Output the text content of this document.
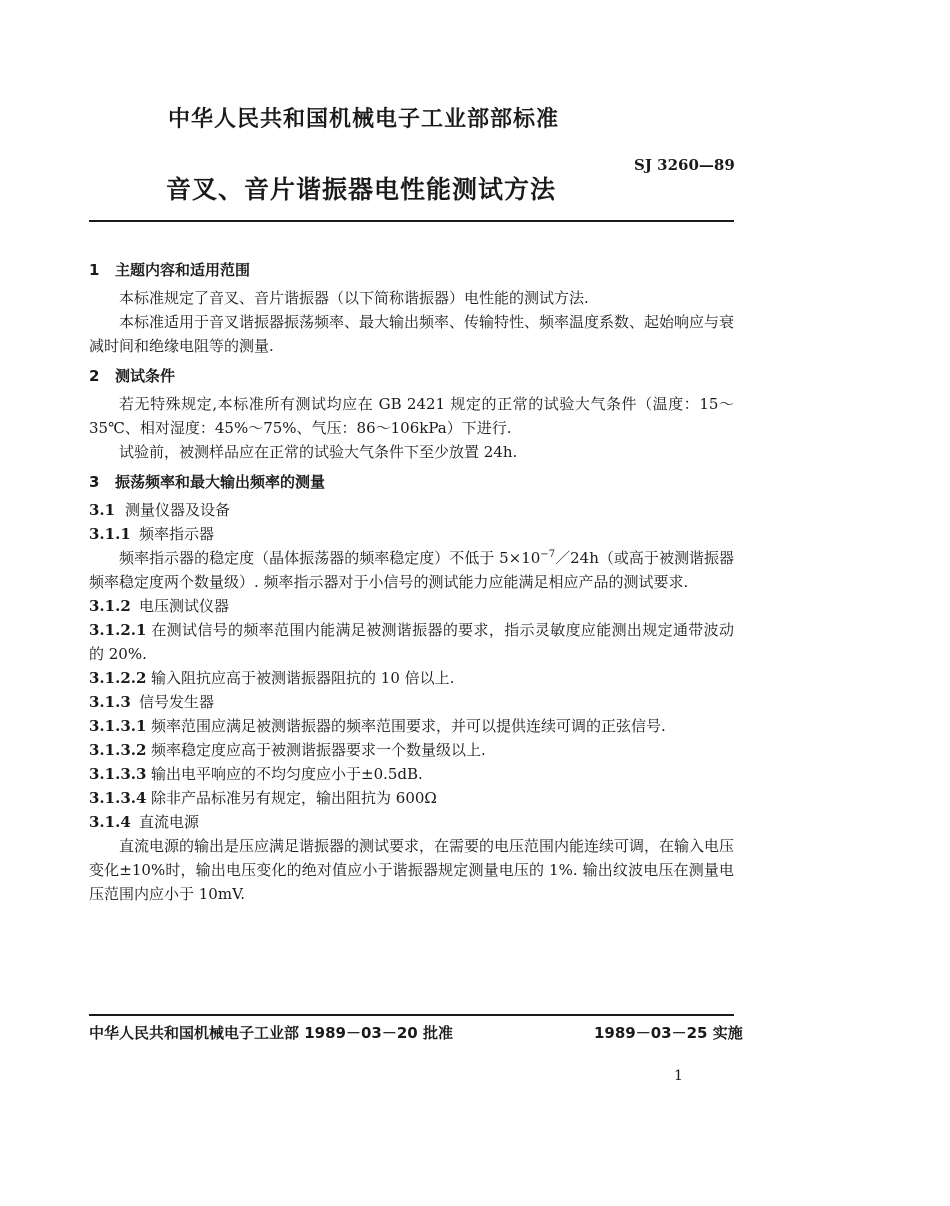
中华人民共和国机械电子工业部部标准
SJ 3260—89
音叉、音片谐振器电性能测试方法

1 主题内容和适用范围

本标准规定了音叉、音片谐振器（以下简称谐振器）电性能的测试方法.

本标准适用于音叉谐振器振荡频率、最大输出频率、传输特性、频率温度系数、起始响应与衰减时间和绝缘电阻等的测量.

2 测试条件

若无特殊规定,本标准所有测试均应在 GB 2421 规定的正常的试验大气条件（温度：15～35℃、相对湿度：45%～75%、气压：86～106kPa）下进行.

试验前，被测样品应在正常的试验大气条件下至少放置 24h.

3 振荡频率和最大输出频率的测量

3.1 测量仪器及设备

3.1.1 频率指示器

频率指示器的稳定度（晶体振荡器的频率稳定度）不低于 $5\times 10^{-7}/24h$（或高于被测谐振器频率稳定度两个数量级）. 频率指示器对于小信号的测试能力应能满足相应产品的测试要求.

3.1.2 电压测试仪器

3.1.2.1 在测试信号的频率范围内能满足被测谐振器的要求，指示灵敏度应能测出规定通带波动的 20%.

3.1.2.2 输入阻抗应高于被测谐振器阻抗的 10 倍以上.

3.1.3 信号发生器

3.1.3.1 频率范围应满足被测谐振器的频率范围要求，并可以提供连续可调的正弦信号.

3.1.3.2 频率稳定度应高于被测谐振器要求一个数量级以上.

3.1.3.3 输出电平响应的不均匀度应小于±0.5dB.

3.1.3.4 除非产品标准另有规定，输出阻抗为 600Ω

3.1.4 直流电源

直流电源的输出是压应满足谐振器的测试要求，在需要的电压范围内能连续可调，在输入电压变化±10%时，输出电压变化的绝对值应小于谐振器规定测量电压的 1%. 输出纹波电压在测量电压范围内应小于 10mV.

中华人民共和国机械电子工业部 1989－03－20 批准	1989－03－25 实施
1
